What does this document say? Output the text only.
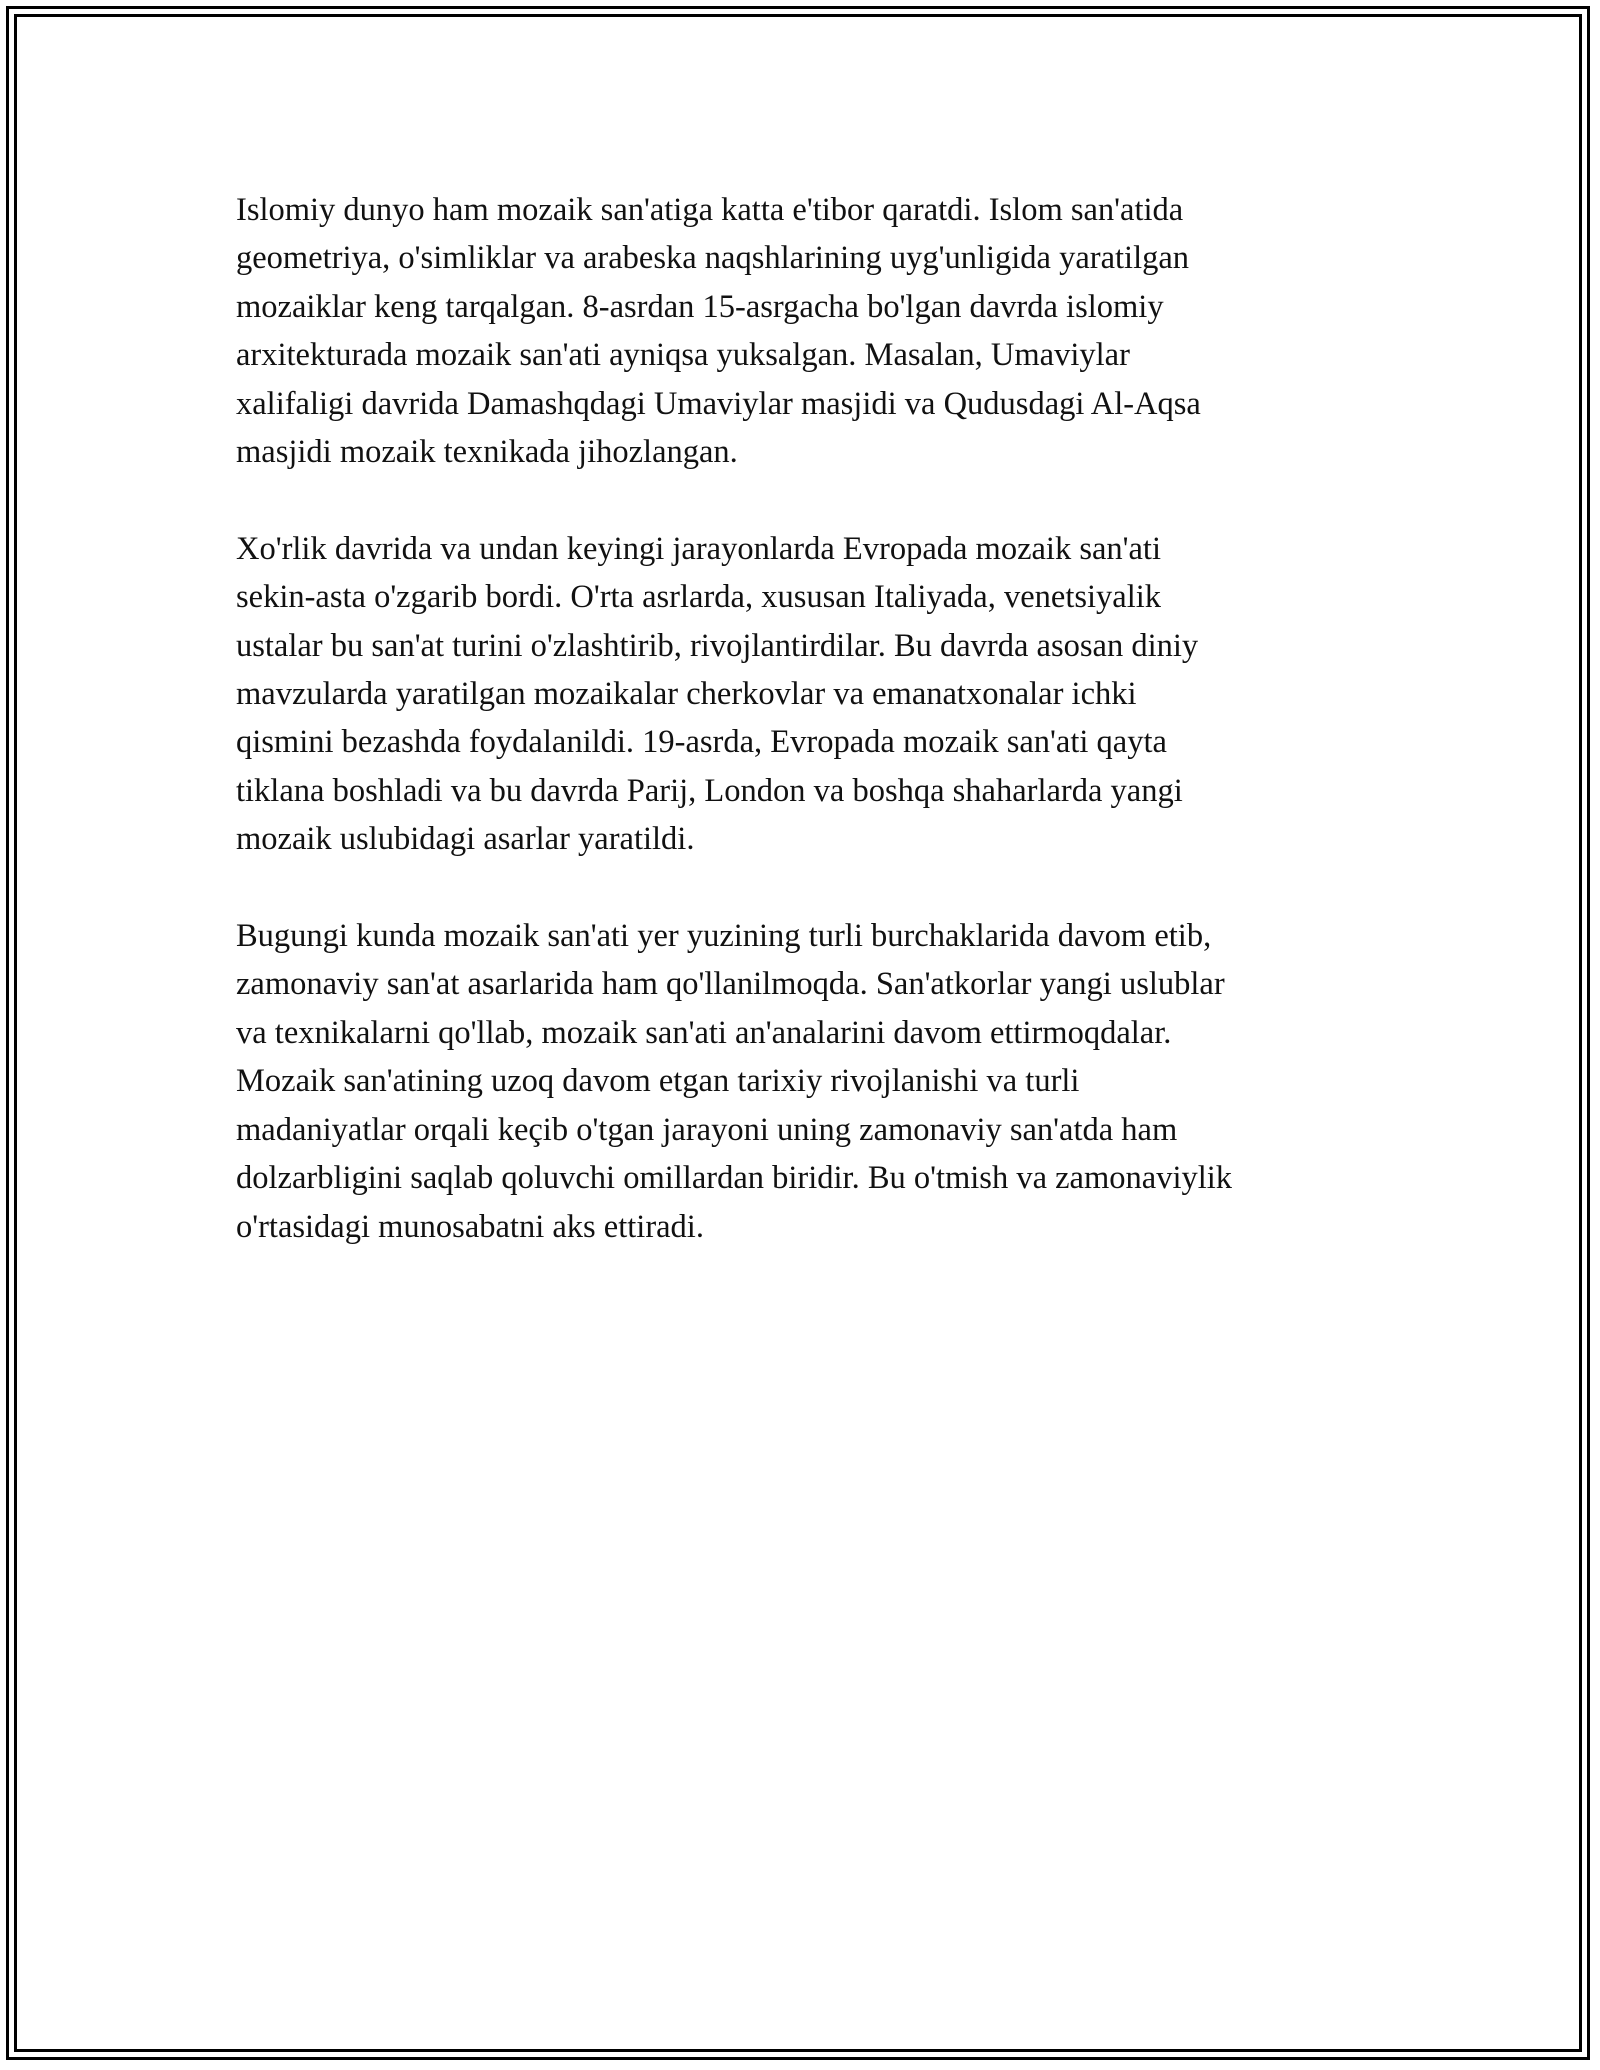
Islomiy dunyo ham mozaik san'atiga katta e'tibor qaratdi. Islom san'atida
geometriya, o'simliklar va arabeska naqshlarining uyg'unligida yaratilgan
mozaiklar keng tarqalgan. 8-asrdan 15-asrgacha bo'lgan davrda islomiy
arxitekturada mozaik san'ati ayniqsa yuksalgan. Masalan, Umaviylar
xalifaligi davrida Damashqdagi Umaviylar masjidi va Qudusdagi Al-Aqsa
masjidi mozaik texnikada jihozlangan.

Xo'rlik davrida va undan keyingi jarayonlarda Evropada mozaik san'ati
sekin-asta o'zgarib bordi. O'rta asrlarda, xususan Italiyada, venetsiyalik
ustalar bu san'at turini o'zlashtirib, rivojlantirdilar. Bu davrda asosan diniy
mavzularda yaratilgan mozaikalar cherkovlar va emanatxonalar ichki
qismini bezashda foydalanildi. 19-asrda, Evropada mozaik san'ati qayta
tiklana boshladi va bu davrda Parij, London va boshqa shaharlarda yangi
mozaik uslubidagi asarlar yaratildi.

Bugungi kunda mozaik san'ati yer yuzining turli burchaklarida davom etib,
zamonaviy san'at asarlarida ham qo'llanilmoqda. San'atkorlar yangi uslublar
va texnikalarni qo'llab, mozaik san'ati an'analarini davom ettirmoqdalar.
Mozaik san'atining uzoq davom etgan tarixiy rivojlanishi va turli
madaniyatlar orqali keçib o'tgan jarayoni uning zamonaviy san'atda ham
dolzarbligini saqlab qoluvchi omillardan biridir. Bu o'tmish va zamonaviylik
o'rtasidagi munosabatni aks ettiradi.
